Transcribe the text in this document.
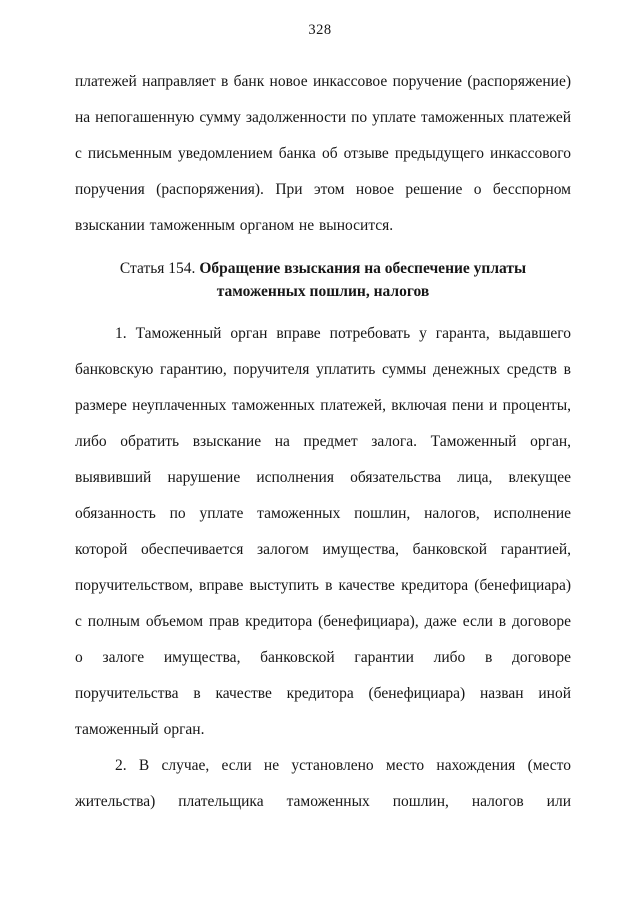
328

платежей направляет в банк новое инкассовое поручение (распоряжение) на непогашенную сумму задолженности по уплате таможенных платежей с письменным уведомлением банка об отзыве предыдущего инкассового поручения (распоряжения). При этом новое решение о бесспорном взыскании таможенным органом не выносится.

Статья 154. Обращение взыскания на обеспечение уплаты
таможенных пошлин, налогов

1. Таможенный орган вправе потребовать у гаранта, выдавшего банковскую гарантию, поручителя уплатить суммы денежных средств в размере неуплаченных таможенных платежей, включая пени и проценты, либо обратить взыскание на предмет залога. Таможенный орган, выявивший нарушение исполнения обязательства лица, влекущее обязанность по уплате таможенных пошлин, налогов, исполнение которой обеспечивается залогом имущества, банковской гарантией, поручительством, вправе выступить в качестве кредитора (бенефициара) с полным объемом прав кредитора (бенефициара), даже если в договоре о залоге имущества, банковской гарантии либо в договоре поручительства в качестве кредитора (бенефициара) назван иной таможенный орган.

2. В случае, если не установлено место нахождения (место жительства) плательщика таможенных пошлин, налогов или
